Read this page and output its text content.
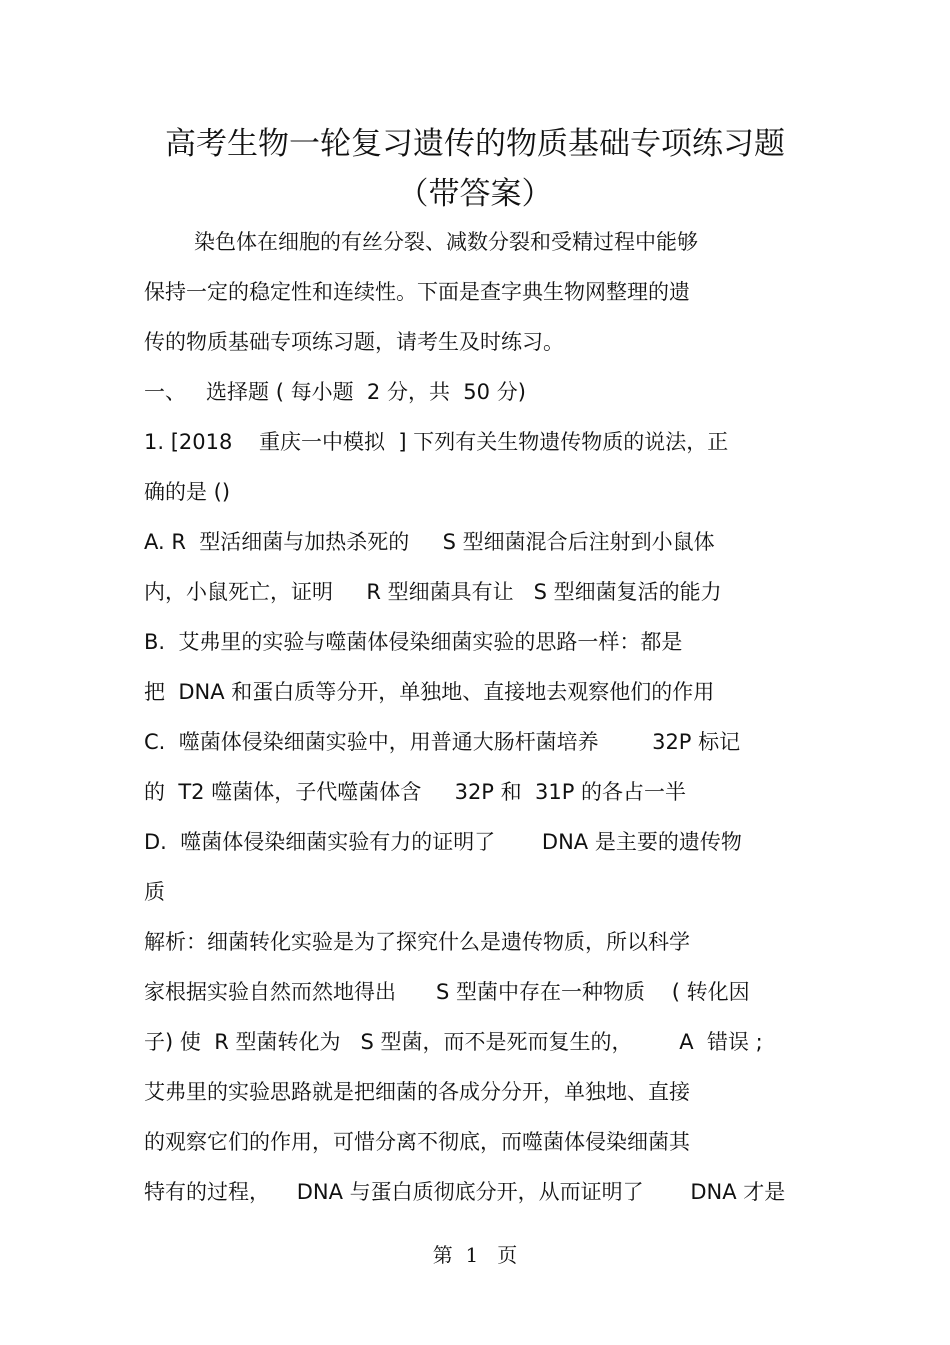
高考生物一轮复习遗传的物质基础专项练习题
（带答案）
染色体在细胞的有丝分裂、减数分裂和受精过程中能够
保持一定的稳定性和连续性。下面是查字典生物网整理的遗
传的物质基础专项练习题，请考生及时练习。
一、   选择题 ( 每小题  2 分，共  50 分)
1. [2018    重庆一中模拟  ] 下列有关生物遗传物质的说法，正
确的是 ()
A. R  型活细菌与加热杀死的     S 型细菌混合后注射到小鼠体
内，小鼠死亡，证明     R 型细菌具有让   S 型细菌复活的能力
B.  艾弗里的实验与噬菌体侵染细菌实验的思路一样：都是
把  DNA 和蛋白质等分开，单独地、直接地去观察他们的作用
C.  噬菌体侵染细菌实验中，用普通大肠杆菌培养        32P 标记
的  T2 噬菌体，子代噬菌体含     32P 和  31P 的各占一半
D.  噬菌体侵染细菌实验有力的证明了       DNA 是主要的遗传物
质
解析：细菌转化实验是为了探究什么是遗传物质，所以科学
家根据实验自然而然地得出      S 型菌中存在一种物质    ( 转化因
子) 使  R 型菌转化为   S 型菌，而不是死而复生的，       A  错误 ;
艾弗里的实验思路就是把细菌的各成分分开，单独地、直接
的观察它们的作用，可惜分离不彻底，而噬菌体侵染细菌其
特有的过程，    DNA 与蛋白质彻底分开，从而证明了       DNA 才是
第  1   页
